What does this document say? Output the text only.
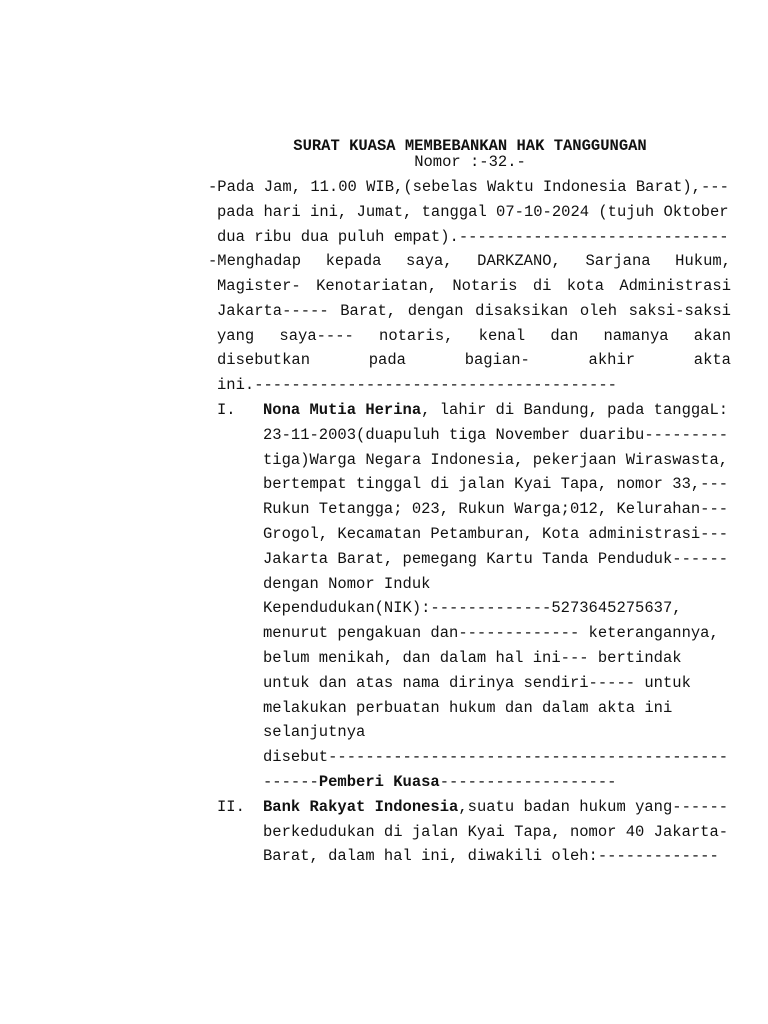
SURAT KUASA MEMBEBANKAN HAK TANGGUNGAN
Nomor :-32.-
-Pada Jam, 11.00 WIB,(sebelas Waktu Indonesia Barat),---
pada hari ini, Jumat, tanggal 07-10-2024 (tujuh Oktober
dua ribu dua puluh empat).-----------------------------
-Menghadap kepada saya, DARKZANO, Sarjana Hukum,
Magister- Kenotariatan, Notaris di kota Administrasi
Jakarta----- Barat, dengan disaksikan oleh saksi-saksi
yang saya---- notaris, kenal dan namanya akan
disebutkan pada bagian- akhir akta
ini.---------------------------------------
I. Nona Mutia Herina, lahir di Bandung, pada tanggaL:
23-11-2003(duapuluh tiga November duaribu---------
tiga)Warga Negara Indonesia, pekerjaan Wiraswasta,
bertempat tinggal di jalan Kyai Tapa, nomor 33,---
Rukun Tetangga; 023, Rukun Warga;012, Kelurahan---
Grogol, Kecamatan Petamburan, Kota administrasi---
Jakarta Barat, pemegang Kartu Tanda Penduduk------
dengan Nomor Induk
Kependudukan(NIK):-------------5273645275637,
menurut pengakuan dan------------- keterangannya,
belum menikah, dan dalam hal ini--- bertindak
untuk dan atas nama dirinya sendiri----- untuk
melakukan perbuatan hukum dan dalam akta ini
selanjutnya
disebut-------------------------------------------
------Pemberi Kuasa-------------------
II. Bank Rakyat Indonesia,suatu badan hukum yang------
berkedudukan di jalan Kyai Tapa, nomor 40 Jakarta-
Barat, dalam hal ini, diwakili oleh:-------------
